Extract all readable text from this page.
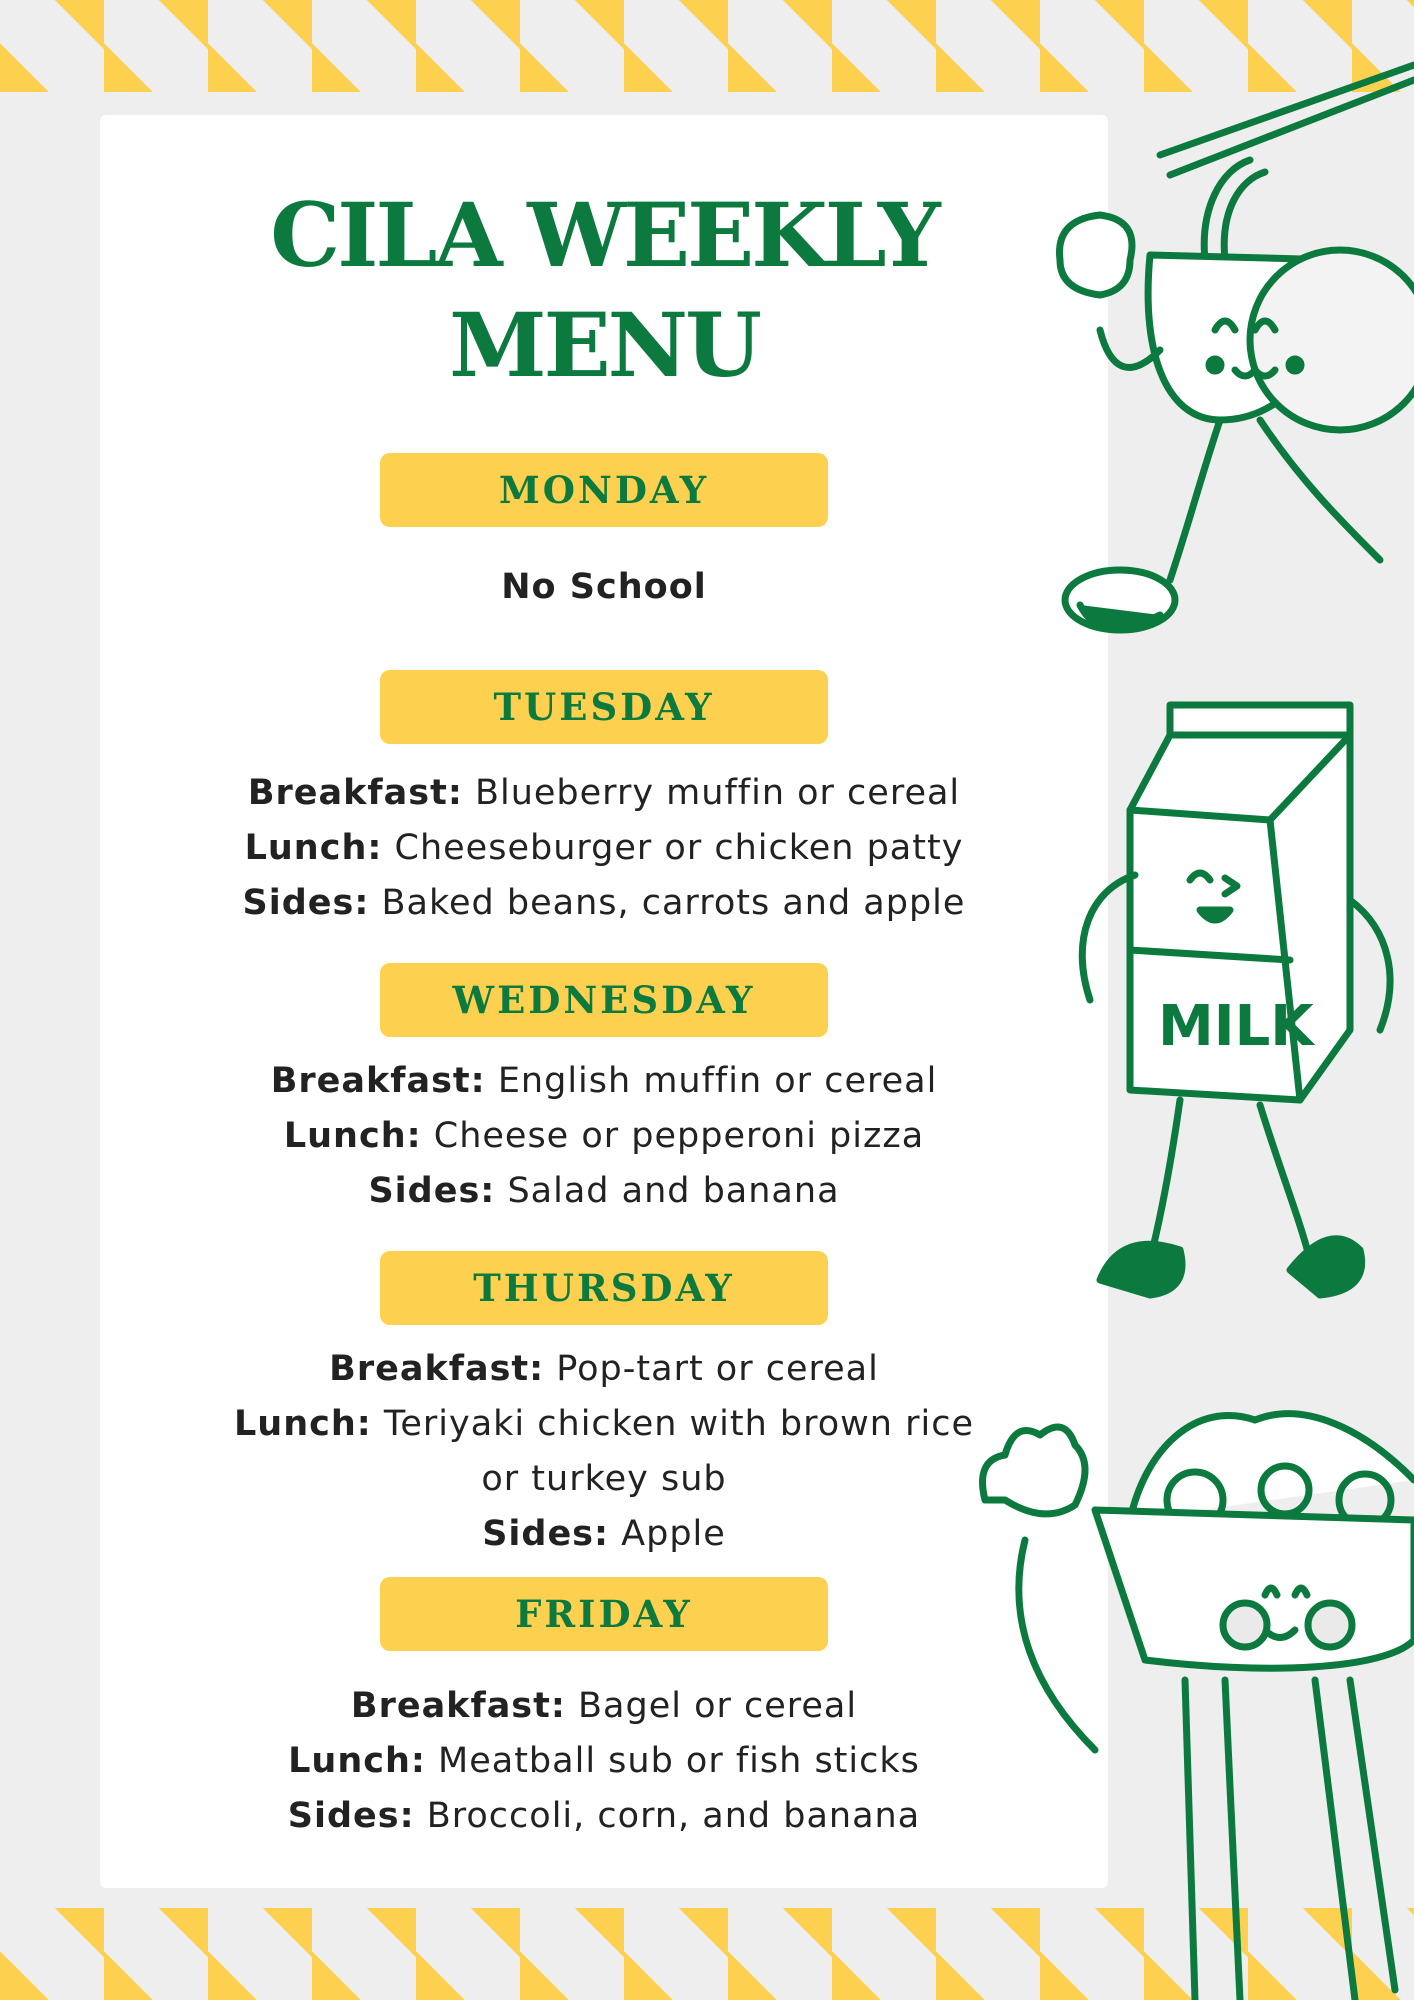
CILA WEEKLY
MENU
MONDAY
No School
TUESDAY
Breakfast: Blueberry muffin or cereal
Lunch: Cheeseburger or chicken patty
Sides: Baked beans, carrots and apple
WEDNESDAY
Breakfast: English muffin or cereal
Lunch: Cheese or pepperoni pizza
Sides: Salad and banana
THURSDAY
Breakfast: Pop-tart or cereal
Lunch: Teriyaki chicken with brown rice
or turkey sub
Sides: Apple
FRIDAY
Breakfast: Bagel or cereal
Lunch: Meatball sub or fish sticks
Sides: Broccoli, corn, and banana
MILK
